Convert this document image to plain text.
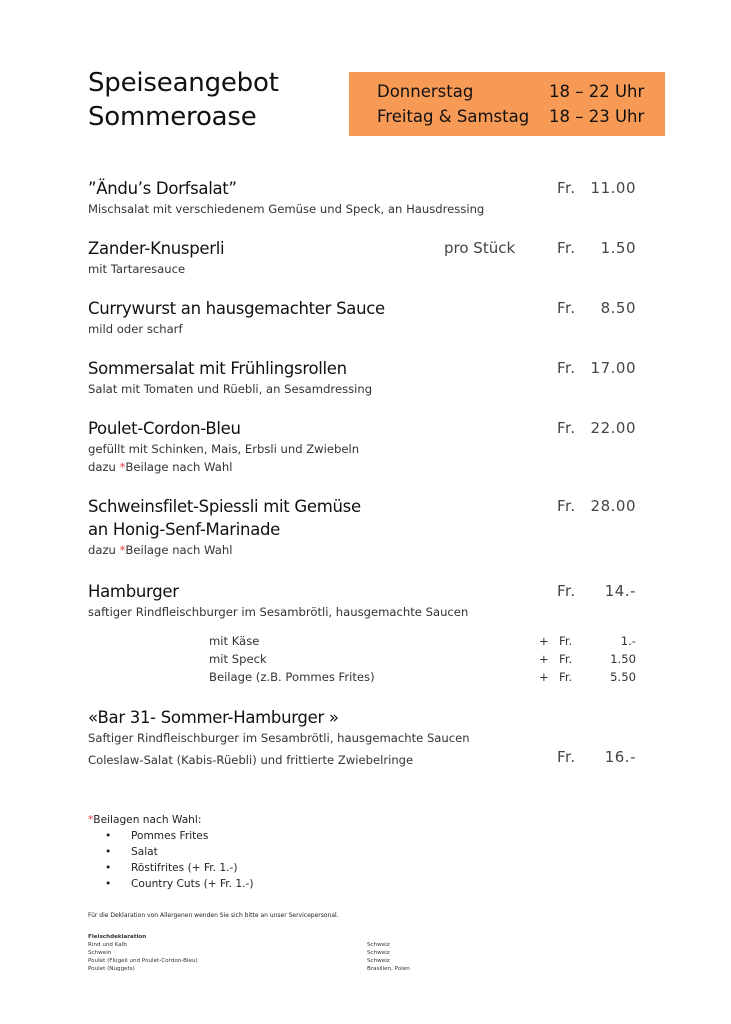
Speiseangebot
Sommeroase
Donnerstag	18 – 22 Uhr
Freitag & Samstag 18 – 23 Uhr
”Ändu’s Dorfsalat”
Mischsalat mit verschiedenem Gemüse und Speck, an Hausdressing
Fr. 11.00
Zander-Knusperli
mit Tartaresauce
pro Stück	Fr. 1.50
Currywurst an hausgemachter Sauce
mild oder scharf
Fr. 8.50
Sommersalat mit Frühlingsrollen
Salat mit Tomaten und Rüebli, an Sesamdressing
Fr. 17.00
Poulet-Cordon-Bleu
gefüllt mit Schinken, Mais, Erbsli und Zwiebeln
dazu *Beilage nach Wahl
Fr. 22.00
Schweinsfilet-Spiessli mit Gemüse
an Honig-Senf-Marinade
dazu *Beilage nach Wahl
Fr. 28.00
Hamburger
saftiger Rindfleischburger im Sesambrötli, hausgemachte Saucen
Fr. 14.-
mit Käse	+ Fr.	1.-
mit Speck	+ Fr.	1.50
Beilage (z.B. Pommes Frites)	+ Fr.	5.50
«Bar 31- Sommer-Hamburger »
Saftiger Rindfleischburger im Sesambrötli, hausgemachte Saucen
Coleslaw-Salat (Kabis-Rüebli) und frittierte Zwiebelringe	Fr. 16.-
*Beilagen nach Wahl:
• Pommes Frites
• Salat
• Röstifrites (+ Fr. 1.-)
• Country Cuts (+ Fr. 1.-)
Für die Deklaration von Allergenen wenden Sie sich bitte an unser Servicepersonal.
Fleischdeklaration
Rind und Kalb	Schweiz
Schwein	Schweiz
Poulet (Flügeli und Poulet-Cordon-Bleu)	Schweiz
Poulet (Nuggets)	Brasilien, Polen
